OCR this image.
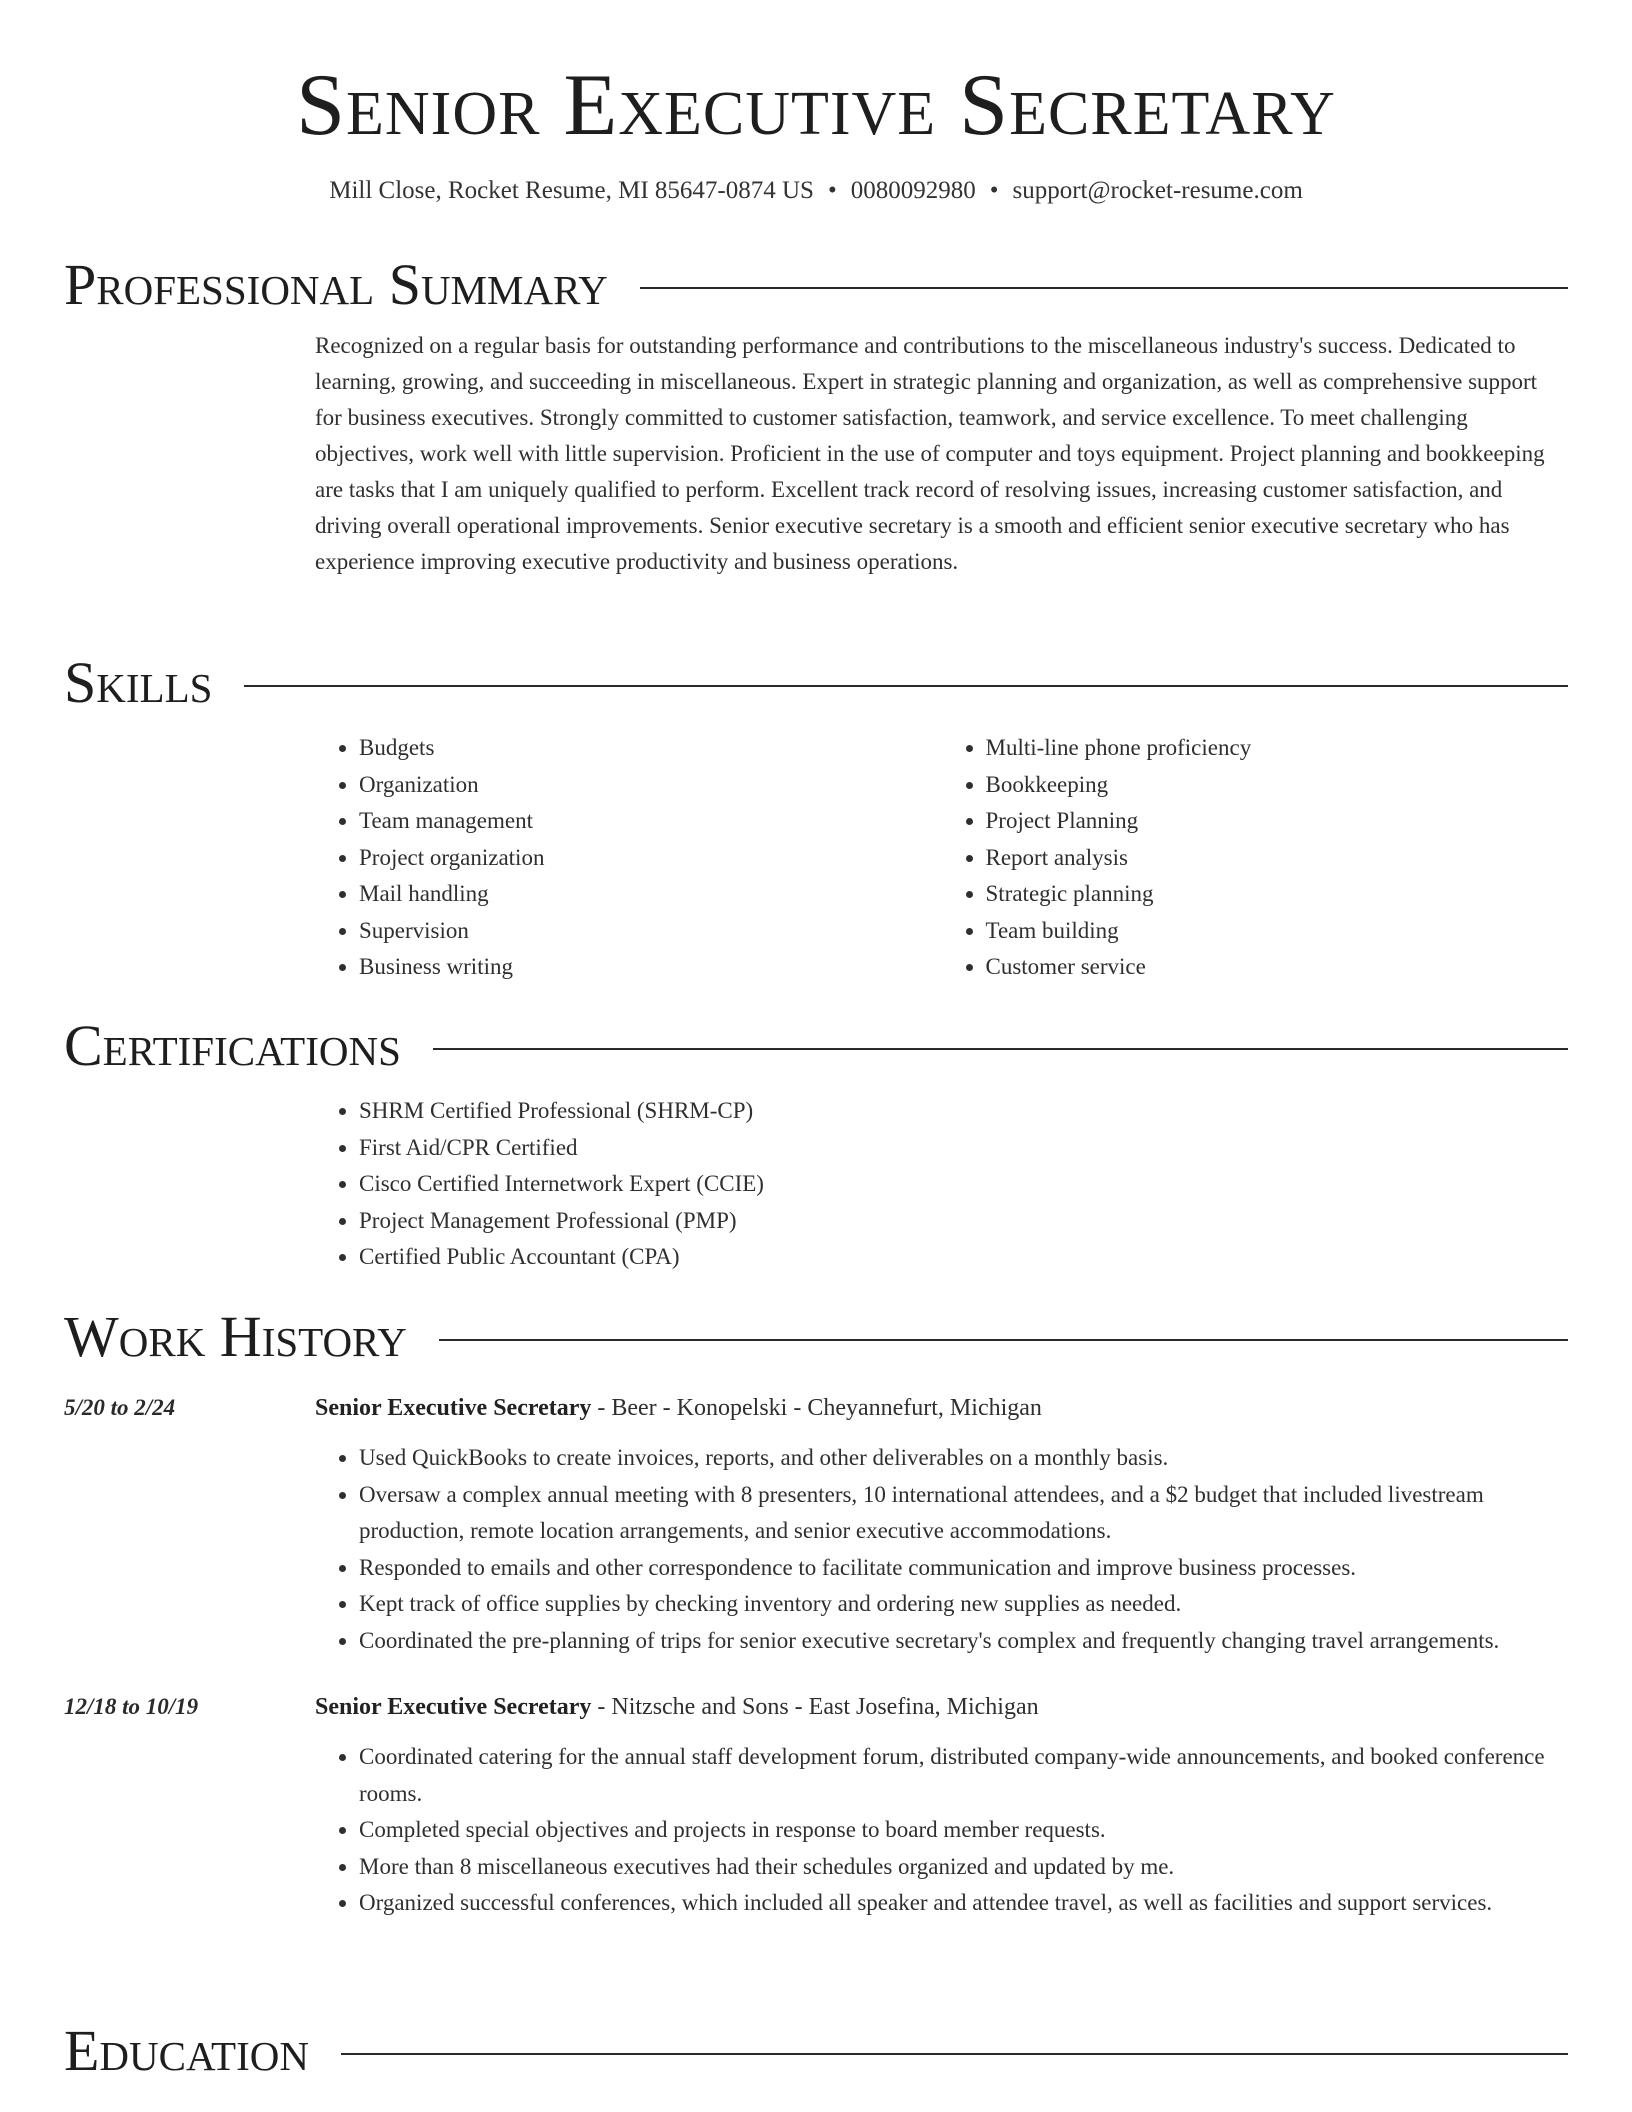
Senior Executive Secretary
Mill Close, Rocket Resume, MI 85647-0874 US • 0080092980 • support@rocket-resume.com
Professional Summary

Recognized on a regular basis for outstanding performance and contributions to the miscellaneous industry's success. Dedicated to learning, growing, and succeeding in miscellaneous. Expert in strategic planning and organization, as well as comprehensive support for business executives. Strongly committed to customer satisfaction, teamwork, and service excellence. To meet challenging objectives, work well with little supervision. Proficient in the use of computer and toys equipment. Project planning and bookkeeping are tasks that I am uniquely qualified to perform. Excellent track record of resolving issues, increasing customer satisfaction, and driving overall operational improvements. Senior executive secretary is a smooth and efficient senior executive secretary who has experience improving executive productivity and business operations.

Skills
• Budgets
• Organization
• Team management
• Project organization
• Mail handling
• Supervision
• Business writing
• Multi-line phone proficiency
• Bookkeeping
• Project Planning
• Report analysis
• Strategic planning
• Team building
• Customer service
Certifications
• SHRM Certified Professional (SHRM-CP)
• First Aid/CPR Certified
• Cisco Certified Internetwork Expert (CCIE)
• Project Management Professional (PMP)
• Certified Public Accountant (CPA)
Work History
5/20 to 2/24	Senior Executive Secretary - Beer - Konopelski - Cheyannefurt, Michigan
• Used QuickBooks to create invoices, reports, and other deliverables on a monthly basis.
• Oversaw a complex annual meeting with 8 presenters, 10 international attendees, and a $2 budget that included livestream production, remote location arrangements, and senior executive accommodations.
• Responded to emails and other correspondence to facilitate communication and improve business processes.
• Kept track of office supplies by checking inventory and ordering new supplies as needed.
• Coordinated the pre-planning of trips for senior executive secretary's complex and frequently changing travel arrangements.
12/18 to 10/19	Senior Executive Secretary - Nitzsche and Sons - East Josefina, Michigan
• Coordinated catering for the annual staff development forum, distributed company-wide announcements, and booked conference rooms.
• Completed special objectives and projects in response to board member requests.
• More than 8 miscellaneous executives had their schedules organized and updated by me.
• Organized successful conferences, which included all speaker and attendee travel, as well as facilities and support services.
Education
